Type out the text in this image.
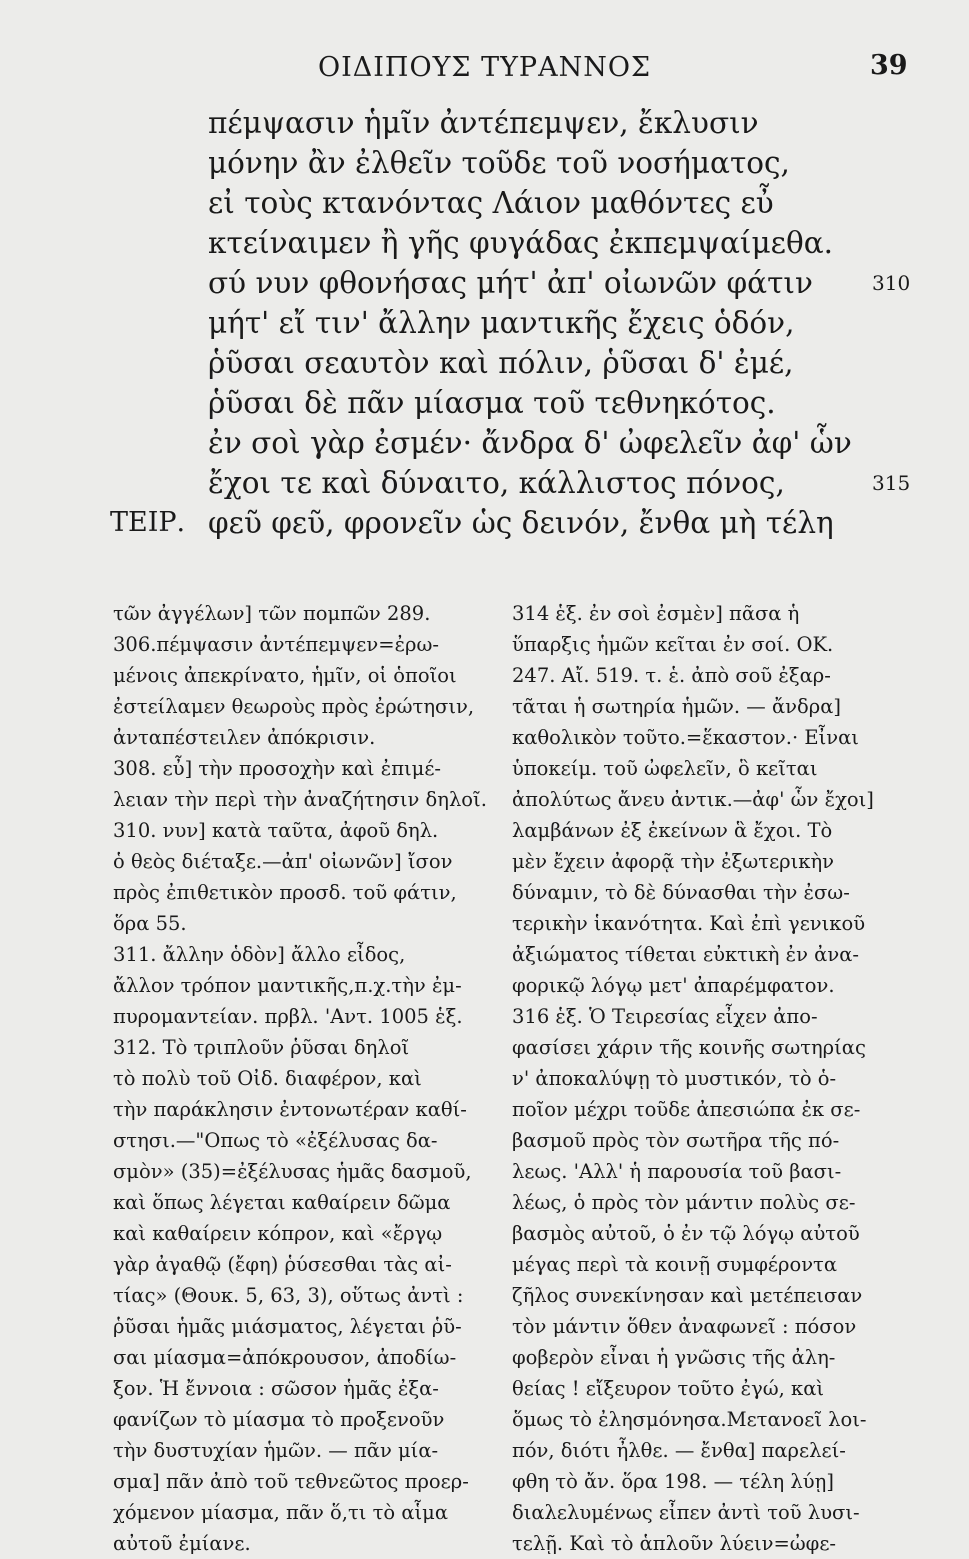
ΟΙΔΙΠΟΥΣ ΤΥΡΑΝΝΟΣ	39
πέμψασιν ἡμῖν ἀντέπεμψεν, ἔκλυσιν
μόνην ἂν ἐλθεῖν τοῦδε τοῦ νοσήματος,
εἰ τοὺς κτανόντας Λάιον μαθόντες εὖ
κτείναιμεν ἢ γῆς φυγάδας ἐκπεμψαίμεθα.
σύ νυν φθονήσας μήτ' ἀπ' οἰωνῶν φάτιν	310
μήτ' εἴ τιν' ἄλλην μαντικῆς ἔχεις ὁδόν,
ῥῦσαι σεαυτὸν καὶ πόλιν, ῥῦσαι δ' ἐμέ,
ῥῦσαι δὲ πᾶν μίασμα τοῦ τεθνηκότος.
ἐν σοὶ γὰρ ἐσμέν· ἄνδρα δ' ὠφελεῖν ἀφ' ὧν
ἔχοι τε καὶ δύναιτο, κάλλιστος πόνος,	315
ΤΕΙΡ. φεῦ φεῦ, φρονεῖν ὡς δεινόν, ἔνθα μὴ τέλη
τῶν ἀγγέλων] τῶν πομπῶν 289.
306.πέμψασιν ἀντέπεμψεν=ἐρω-
μένοις ἀπεκρίνατο, ἡμῖν, οἱ ὁποῖοι
ἐστείλαμεν θεωροὺς πρὸς ἐρώτησιν,
ἀνταπέστειλεν ἀπόκρισιν.
308. εὖ] τὴν προσοχὴν καὶ ἐπιμέ-
λειαν τὴν περὶ τὴν ἀναζήτησιν δηλοῖ.
310. νυν] κατὰ ταῦτα, ἀφοῦ δηλ.
ὁ θεὸς διέταξε.—ἀπ' οἰωνῶν] ἴσον
πρὸς ἐπιθετικὸν προσδ. τοῦ φάτιν,
ὅρα 55.
311. ἄλλην ὁδὸν] ἄλλο εἶδος,
ἄλλον τρόπον μαντικῆς,π.χ.τὴν ἐμ-
πυρομαντείαν. πρβλ. 'Αντ. 1005 ἑξ.
312. Τὸ τριπλοῦν ῥῦσαι δηλοῖ
τὸ πολὺ τοῦ Οἰδ. διαφέρον, καὶ
τὴν παράκλησιν ἐντονωτέραν καθί-
στησι.—"Οπως τὸ «ἐξέλυσας δα-
σμὸν» (35)=ἐξέλυσας ἡμᾶς δασμοῦ,
καὶ ὅπως λέγεται καθαίρειν δῶμα
καὶ καθαίρειν κόπρον, καὶ «ἔργῳ
γὰρ ἀγαθῷ (ἔφη) ῥύσεσθαι τὰς αἰ-
τίας» (Θουκ. 5, 63, 3), οὕτως ἀντὶ :
ῥῦσαι ἡμᾶς μιάσματος, λέγεται ῥῦ-
σαι μίασμα=ἀπόκρουσον, ἀποδίω-
ξον. Ἡ ἔννοια : σῶσον ἡμᾶς ἐξα-
φανίζων τὸ μίασμα τὸ προξενοῦν
τὴν δυστυχίαν ἡμῶν. — πᾶν μία-
σμα] πᾶν ἀπὸ τοῦ τεθνεῶτος προερ-
χόμενον μίασμα, πᾶν ὅ,τι τὸ αἷμα
αὐτοῦ ἐμίανε.
314 ἑξ. ἐν σοὶ ἐσμὲν] πᾶσα ἡ
ὕπαρξις ἡμῶν κεῖται ἐν σοί. ΟΚ.
247. Αἴ. 519. τ. ἑ. ἀπὸ σοῦ ἐξαρ-
τᾶται ἡ σωτηρία ἡμῶν. — ἄνδρα]
καθολικὸν τοῦτο.=ἕκαστον.· Εἶναι
ὑποκείμ. τοῦ ὠφελεῖν, ὃ κεῖται
ἀπολύτως ἄνευ ἀντικ.—ἀφ' ὧν ἔχοι]
λαμβάνων ἐξ ἐκείνων ἃ ἔχοι. Τὸ
μὲν ἔχειν ἀφορᾷ τὴν ἐξωτερικὴν
δύναμιν, τὸ δὲ δύνασθαι τὴν ἐσω-
τερικὴν ἱκανότητα. Καὶ ἐπὶ γενικοῦ
ἀξιώματος τίθεται εὐκτικὴ ἐν ἀνα-
φορικῷ λόγῳ μετ' ἀπαρέμφατον.
316 ἑξ. Ὁ Τειρεσίας εἶχεν ἀπο-
φασίσει χάριν τῆς κοινῆς σωτηρίας
ν' ἀποκαλύψῃ τὸ μυστικόν, τὸ ὁ-
ποῖον μέχρι τοῦδε ἀπεσιώπα ἐκ σε-
βασμοῦ πρὸς τὸν σωτῆρα τῆς πό-
λεως. 'Αλλ' ἡ παρουσία τοῦ βασι-
λέως, ὁ πρὸς τὸν μάντιν πολὺς σε-
βασμὸς αὐτοῦ, ὁ ἐν τῷ λόγῳ αὐτοῦ
μέγας περὶ τὰ κοινῇ συμφέροντα
ζῆλος συνεκίνησαν καὶ μετέπεισαν
τὸν μάντιν ὅθεν ἀναφωνεῖ : πόσον
φοβερὸν εἶναι ἡ γνῶσις τῆς ἀλη-
θείας ! εἴξευρον τοῦτο ἐγώ, καὶ
ὅμως τὸ ἐλησμόνησα.Μετανοεῖ λοι-
πόν, διότι ἦλθε. — ἔνθα] παρελεί-
φθη τὸ ἄν. ὅρα 198. — τέλη λύῃ]
διαλελυμένως εἶπεν ἀντὶ τοῦ λυσι-
τελῇ. Καὶ τὸ ἁπλοῦν λύειν=ὠφε-
